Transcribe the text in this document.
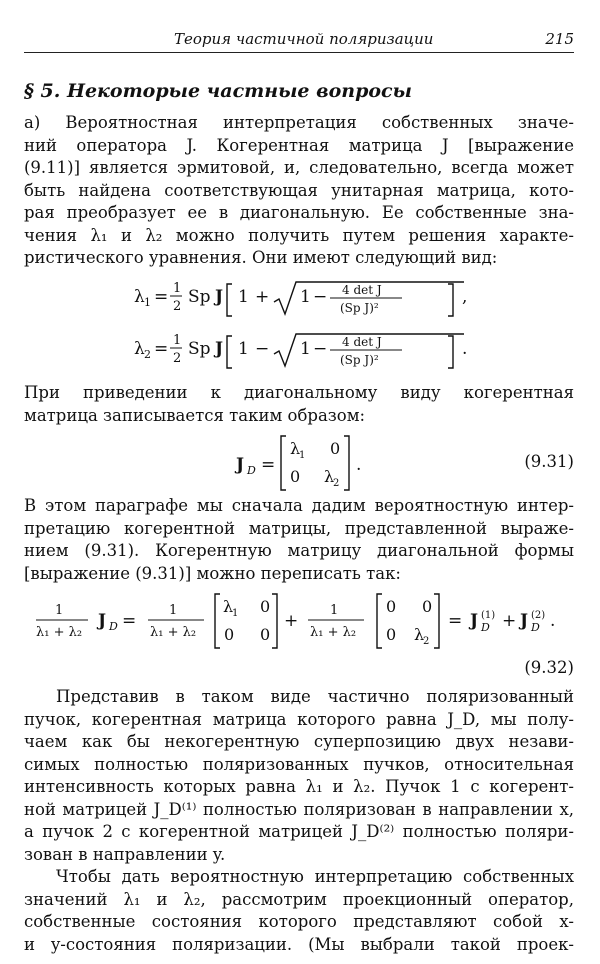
Теория частичной поляризации	215
§ 5. Некоторые частные вопросы
а) Вероятностная интерпретация собственных значе-
ний оператора J. Когерентная матрица J [выражение
(9.11)] является эрмитовой, и, следовательно, всегда может
быть найдена соответствующая унитарная матрица, кото-
рая преобразует ее в диагональную. Ее собственные зна-
чения λ₁ и λ₂ можно получить путем решения характе-
ристического уравнения. Они имеют следующий вид:
λ 1 = 1
2 Sp J 1 + 1 − 4 det J
(Sp J)²
,
λ 2 = 1
2 Sp J 1 − 1 − 4 det J
(Sp J)²
.
При приведении к диагональному виду когерентная
матрица записывается таким образом:
J D =
λ
1 0
0 λ
2
.	(9.31)
В этом параграфе мы сначала дадим вероятностную интер-
претацию когерентной матрицы, представленной выраже-
нием (9.31). Когерентную матрицу диагональной формы
[выражение (9.31)] можно переписать так:
1
λ₁ + λ₂
J D =
1
λ₁ + λ₂
λ
1 0
0 0
+
1
λ₁ + λ₂
0 0
0 λ
2
= J (1)
D + J (2)
D .
(9.32)
Представив в таком виде частично поляризованный
пучок, когерентная матрица которого равна J_D, мы полу-
чаем как бы некогерентную суперпозицию двух незави-
симых полностью поляризованных пучков, относительная
интенсивность которых равна λ₁ и λ₂. Пучок 1 с когерент-
ной матрицей J_D⁽¹⁾ полностью поляризован в направлении x,
а пучок 2 с когерентной матрицей J_D⁽²⁾ полностью поляри-
зован в направлении y.
Чтобы дать вероятностную интерпретацию собственных
значений λ₁ и λ₂, рассмотрим проекционный оператор,
собственные состояния которого представляют собой x-
и y-состояния поляризации. (Мы выбрали такой проек-
